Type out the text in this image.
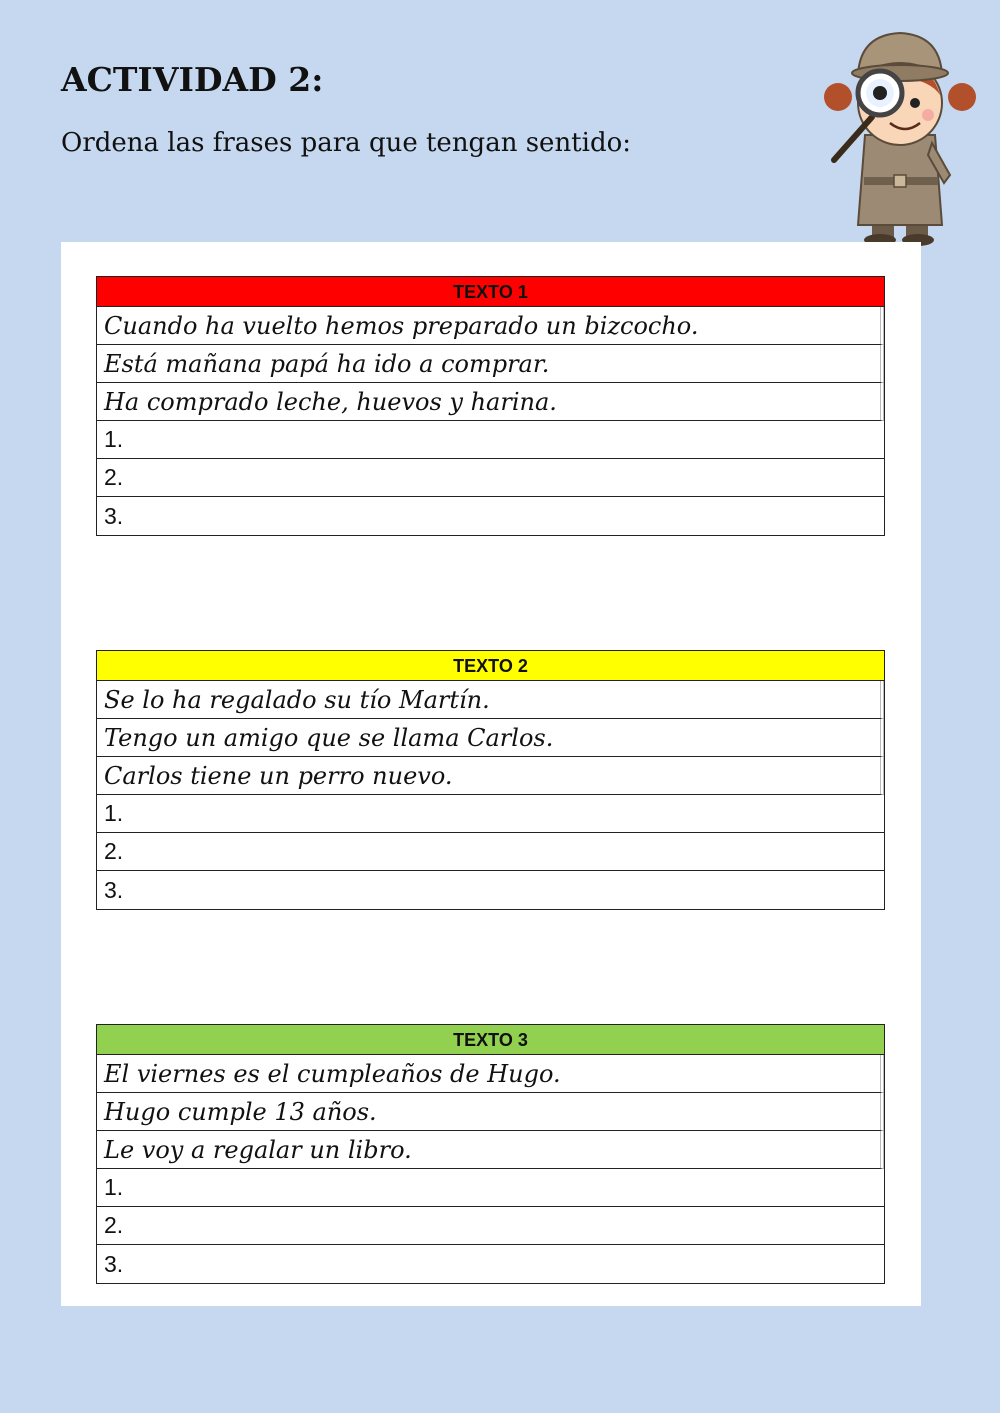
ACTIVIDAD 2:

Ordena las frases para que tengan sentido:

TEXTO 1
Cuando ha vuelto hemos preparado un bizcocho.
Está mañana papá ha ido a comprar.
Ha comprado leche, huevos y harina.
1.
2.
3.
TEXTO 2
Se lo ha regalado su tío Martín.
Tengo un amigo que se llama Carlos.
Carlos tiene un perro nuevo.
1.
2.
3.
TEXTO 3
El viernes es el cumpleaños de Hugo.
Hugo cumple 13 años.
Le voy a regalar un libro.
1.
2.
3.
